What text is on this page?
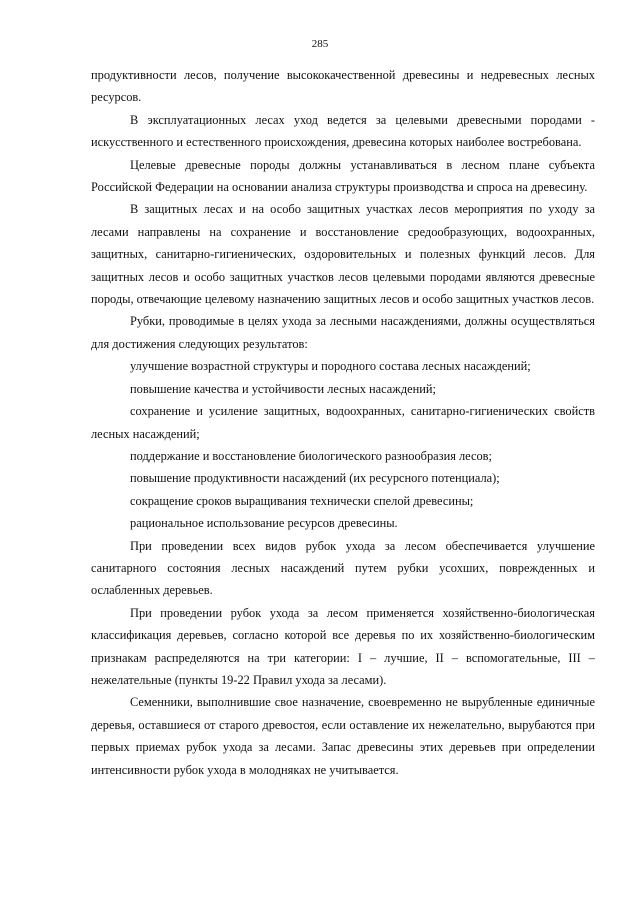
285

продуктивности лесов, получение высококачественной древесины и недревесных лесных ресурсов.

В эксплуатационных лесах уход ведется за целевыми древесными породами - искусственного и естественного происхождения, древесина которых наиболее востребована.

Целевые древесные породы должны устанавливаться в лесном плане субъекта Российской Федерации на основании анализа структуры производства и спроса на древесину.

В защитных лесах и на особо защитных участках лесов мероприятия по уходу за лесами направлены на сохранение и восстановление средообразующих, водоохранных, защитных, санитарно-гигиенических, оздоровительных и полезных функций лесов. Для защитных лесов и особо защитных участков лесов целевыми породами являются древесные породы, отвечающие целевому назначению защитных лесов и особо защитных участков лесов.

Рубки, проводимые в целях ухода за лесными насаждениями, должны осуществляться для достижения следующих результатов:

улучшение возрастной структуры и породного состава лесных насаждений;

повышение качества и устойчивости лесных насаждений;

сохранение и усиление защитных, водоохранных, санитарно-гигиенических свойств лесных насаждений;

поддержание и восстановление биологического разнообразия лесов;

повышение продуктивности насаждений (их ресурсного потенциала);

сокращение сроков выращивания технически спелой древесины;

рациональное использование ресурсов древесины.

При проведении всех видов рубок ухода за лесом обеспечивается улучшение санитарного состояния лесных насаждений путем рубки усохших, поврежденных и ослабленных деревьев.

При проведении рубок ухода за лесом применяется хозяйственно-биологическая классификация деревьев, согласно которой все деревья по их хозяйственно-биологическим признакам распределяются на три категории: I – лучшие, II – вспомогательные, III – нежелательные (пункты 19-22 Правил ухода за лесами).

Семенники, выполнившие свое назначение, своевременно не вырубленные единичные деревья, оставшиеся от старого древостоя, если оставление их нежелательно, вырубаются при первых приемах рубок ухода за лесами. Запас древесины этих деревьев при определении интенсивности рубок ухода в молодняках не учитывается.
